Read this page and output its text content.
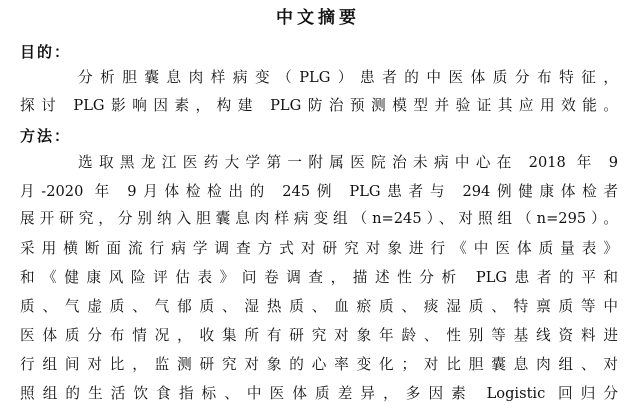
中文摘要
目的：
分析胆囊息肉样病变（PLG）患者的中医体质分布特征，
探讨 PLG影响因素，构建 PLG防治预测模型并验证其应用效能。
方法：
选取黑龙江医药大学第一附属医院治未病中心在 2018 年 9
月-2020 年 9月体检检出的 245例 PLG患者与 294例健康体检者
展开研究，分别纳入胆囊息肉样病变组（n=245）、对照组（n=295）。
采用横断面流行病学调查方式对研究对象进行《中医体质量表》
和《健康风险评估表》问卷调查，描述性分析 PLG患者的平和
质、气虚质、气郁质、湿热质、血瘀质、痰湿质、特禀质等中
医体质分布情况，收集所有研究对象年龄、性别等基线资料进
行组间对比，监测研究对象的心率变化；对比胆囊息肉组、对
照组的生活饮食指标、中医体质差异，多因素 Logistic 回归分
